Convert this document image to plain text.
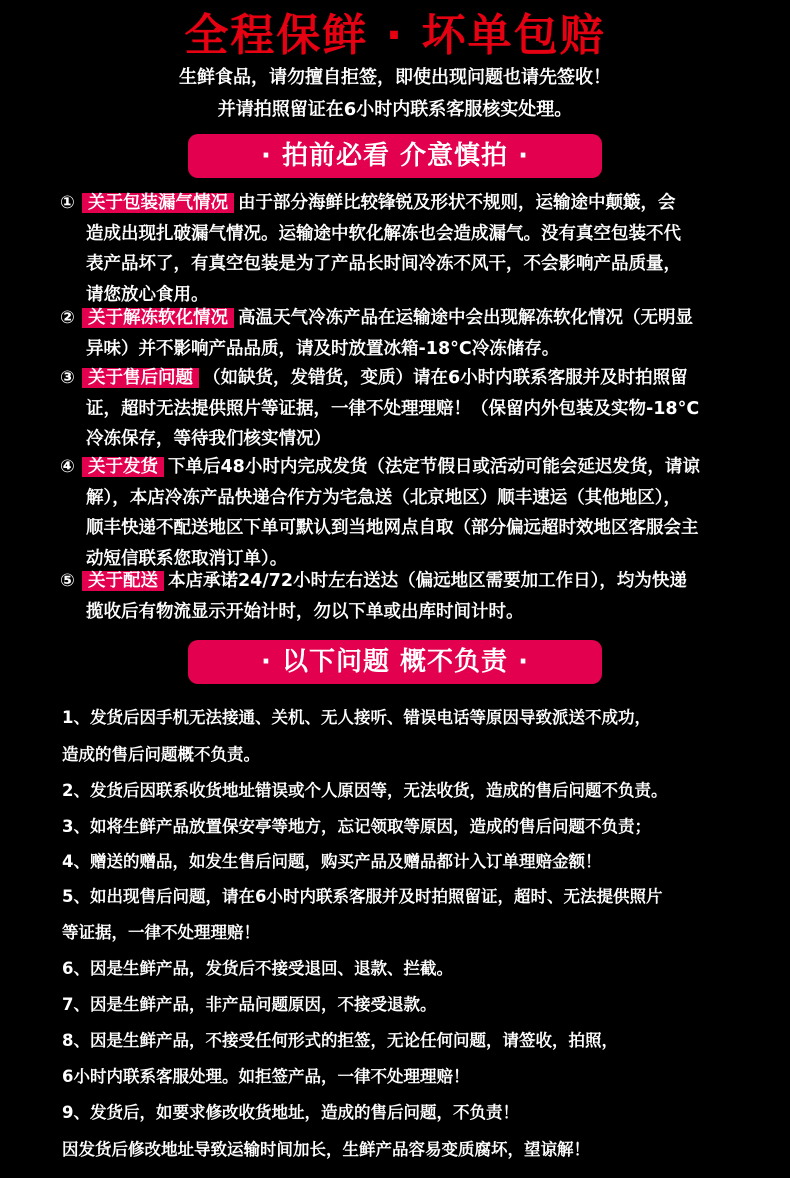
全程保鲜 · 坏单包赔
生鲜食品，请勿擅自拒签，即使出现问题也请先签收！
并请拍照留证在6小时内联系客服核实处理。
· 拍前必看 介意慎拍 ·
① 关于包装漏气情况 由于部分海鲜比较锋锐及形状不规则，运输途中颠簸，会
造成出现扎破漏气情况。运输途中软化解冻也会造成漏气。没有真空包装不代
表产品坏了，有真空包装是为了产品长时间冷冻不风干，不会影响产品质量，
请您放心食用。
② 关于解冻软化情况 高温天气冷冻产品在运输途中会出现解冻软化情况（无明显
异味）并不影响产品品质，请及时放置冰箱-18°C冷冻储存。
③ 关于售后问题 （如缺货，发错货，变质）请在6小时内联系客服并及时拍照留
证，超时无法提供照片等证据，一律不处理理赔！（保留内外包装及实物-18°C
冷冻保存，等待我们核实情况）
④ 关于发货 下单后48小时内完成发货（法定节假日或活动可能会延迟发货，请谅
解），本店冷冻产品快递合作方为宅急送（北京地区）顺丰速运（其他地区），
顺丰快递不配送地区下单可默认到当地网点自取（部分偏远超时效地区客服会主
动短信联系您取消订单）。
⑤ 关于配送 本店承诺24/72小时左右送达（偏远地区需要加工作日），均为快递
揽收后有物流显示开始计时，勿以下单或出库时间计时。
· 以下问题 概不负责 ·
1、发货后因手机无法接通、关机、无人接听、错误电话等原因导致派送不成功，
造成的售后问题概不负责。
2、发货后因联系收货地址错误或个人原因等，无法收货，造成的售后问题不负责。
3、如将生鲜产品放置保安亭等地方，忘记领取等原因，造成的售后问题不负责；
4、赠送的赠品，如发生售后问题，购买产品及赠品都计入订单理赔金额！
5、如出现售后问题，请在6小时内联系客服并及时拍照留证，超时、无法提供照片
等证据，一律不处理理赔！
6、因是生鲜产品，发货后不接受退回、退款、拦截。
7、因是生鲜产品，非产品问题原因，不接受退款。
8、因是生鲜产品，不接受任何形式的拒签，无论任何问题，请签收，拍照，
6小时内联系客服处理。如拒签产品，一律不处理理赔！
9、发货后，如要求修改收货地址，造成的售后问题，不负责！
因发货后修改地址导致运输时间加长，生鲜产品容易变质腐坏，望谅解！
